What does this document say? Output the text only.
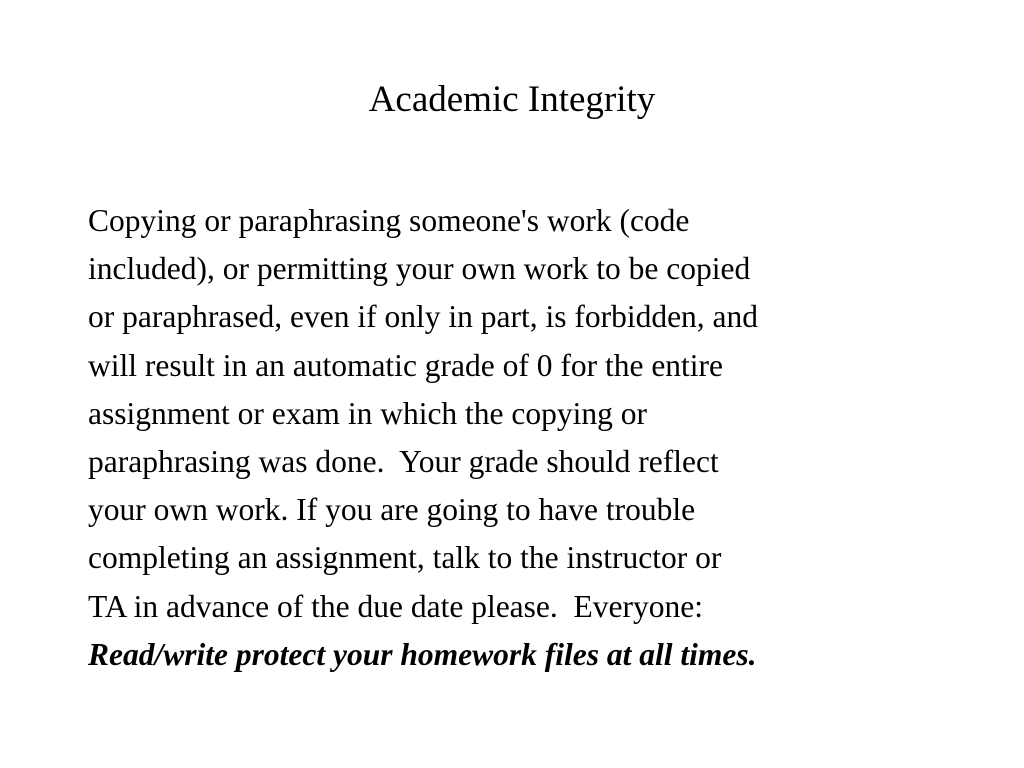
Academic Integrity
Copying or paraphrasing someone's work (code
included), or permitting your own work to be copied
or paraphrased, even if only in part, is forbidden, and
will result in an automatic grade of 0 for the entire
assignment or exam in which the copying or
paraphrasing was done.  Your grade should reflect
your own work. If you are going to have trouble
completing an assignment, talk to the instructor or
TA in advance of the due date please.  Everyone:
Read/write protect your homework files at all times.
